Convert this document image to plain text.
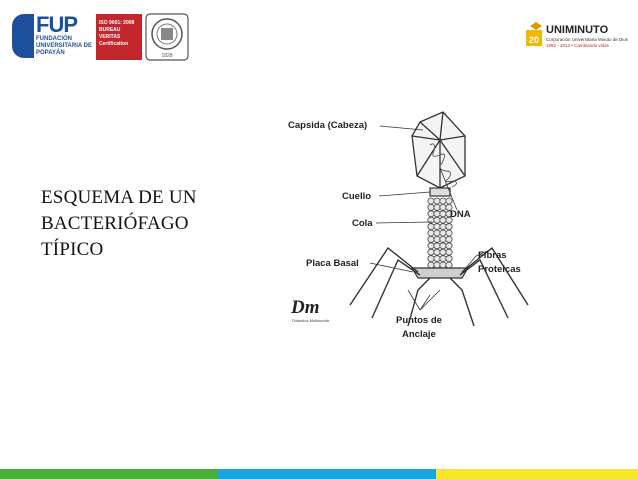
FUP
FUNDACIÓN UNIVERSITARIA DE POPAYÁN
ISO 9001: 2008
BUREAU VERITAS
Certification
1828
20
UNIMINUTO
Corporación Universitaria Minuto de Dios
1992 - 2012 • Cambiando vidas
ESQUEMA DE UN
BACTERIÓFAGO
TÍPICO
Capsida (Cabeza)
DNA
Cuello
Cola
Placa Basal
Fibras
Proteicas
Puntos de
Anclaje
Dm
Didáctica Multimedia
